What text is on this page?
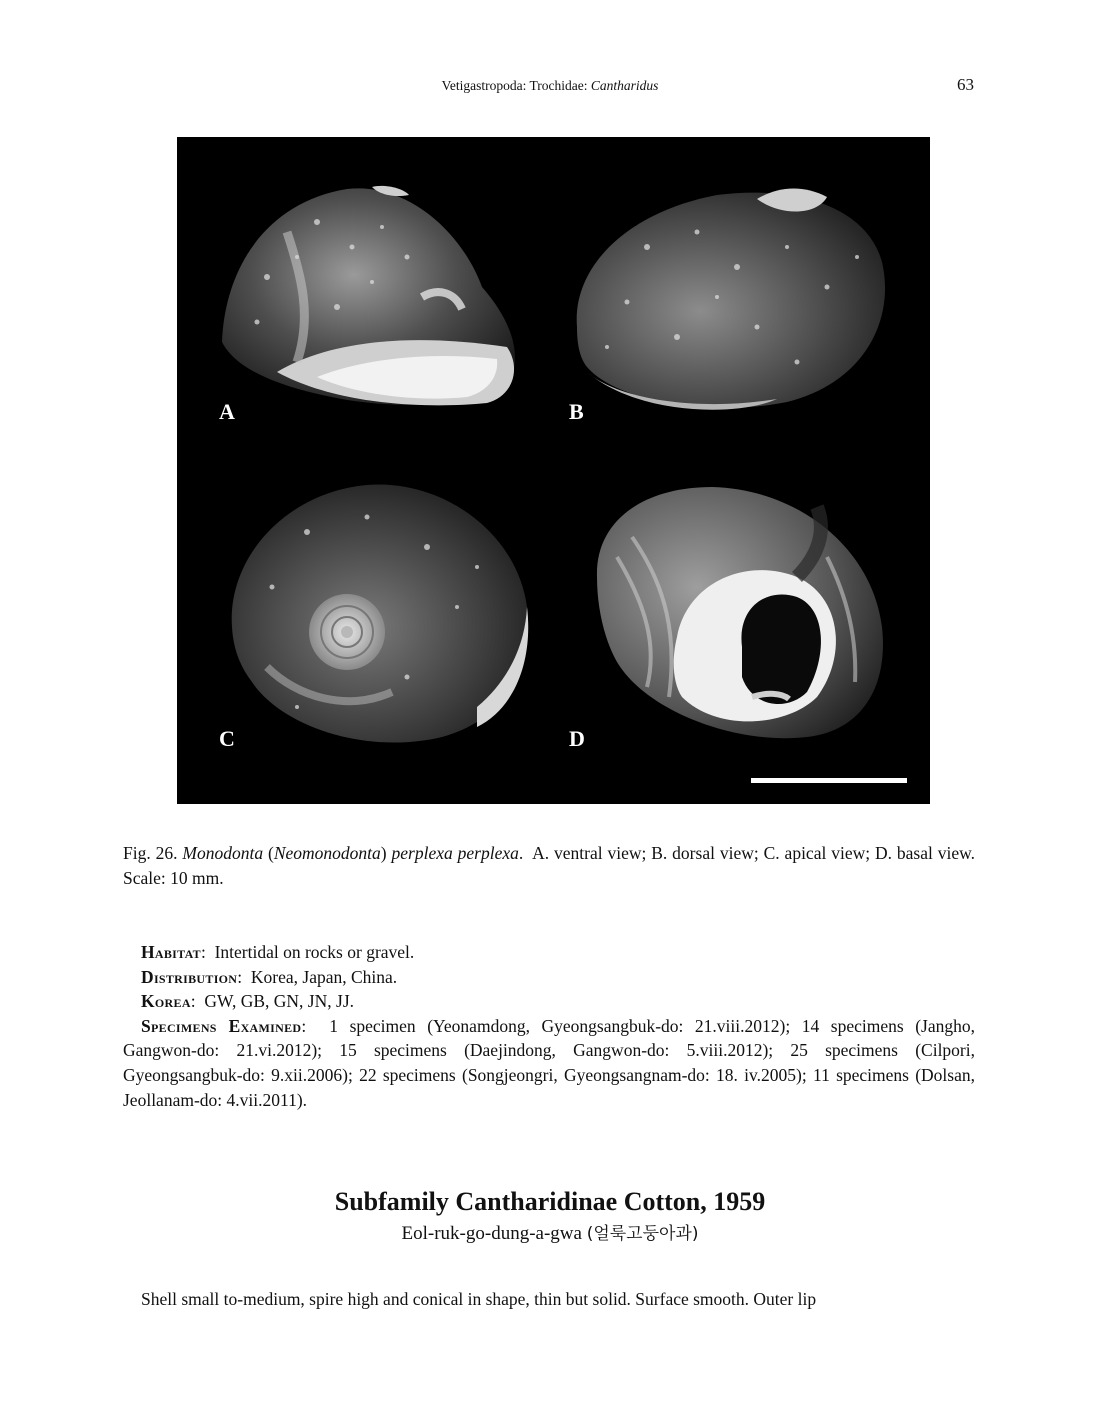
Vetigastropoda: Trochidae: Cantharidus	63
A	B
C	D
Fig. 26. Monodonta (Neomonodonta) perplexa perplexa.  A. ventral view; B. dorsal view; C. apical view; D. basal view. Scale: 10 mm.

Habitat:  Intertidal on rocks or gravel.

Distribution:  Korea, Japan, China.

Korea:  GW, GB, GN, JN, JJ.

Specimens Examined:  1 specimen (Yeonamdong, Gyeongsangbuk-do: 21.viii.2012); 14 specimens (Jangho, Gangwon-do: 21.vi.2012); 15 specimens (Daejindong, Gangwon-do: 5.viii.2012); 25 specimens (Cilpori, Gyeongsangbuk-do: 9.xii.2006); 22 specimens (Songjeongri, Gyeongsangnam-do: 18. iv.2005); 11 specimens (Dolsan, Jeollanam-do: 4.vii.2011).

Subfamily Cantharidinae Cotton, 1959
Eol-ruk-go-dung-a-gwa (얼룩고둥아과)
Shell small to-medium, spire high and conical in shape, thin but solid. Surface smooth. Outer lip
